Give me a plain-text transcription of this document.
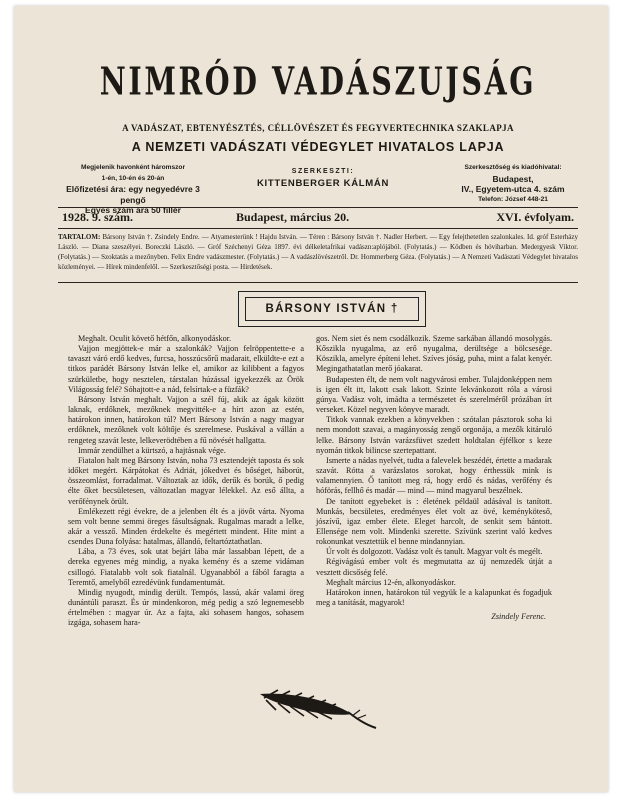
NIMRÓD VADÁSZUJSÁG
A VADÁSZAT, EBTENYÉSZTÉS, CÉLLÖVÉSZET ÉS FEGYVERTECHNIKA SZAKLAPJA
A NEMZETI VADÁSZATI VÉDEGYLET HIVATALOS LAPJA
Megjelenik havonként háromszor
1-én, 10-én és 20-án
Előfizetési ára: egy negyedévre 3 pengő
Egyes szám ára 50 fillér
SZERKESZTI:
KITTENBERGER KÁLMÁN
Szerkesztőség és kiadóhivatal:
Budapest,
IV., Egyetem-utca 4. szám
Telefon: József 448-21
1928. 9. szám.	Budapest, március 20.	XVI. évfolyam.
TARTALOM: Bársony István †. Zsindely Endre. — Atyamesterünk ! Hajdu István. — Téren : Bársony István †. Nadler Herbert. — Egy felejthetetlen szalonkales. Id. gróf Esterházy László. — Diana szeszélyei. Boreczki László. — Gróf Széchenyi Géza 1897. évi délkeletafrikai vadászn:aplójából. (Folytatás.) — Ködben és hóviharban. Medergyesk Viktor. (Folytatás.) — Szoktatás a mezőnyben. Felix Endre vadászmester. (Folytatás.) — A vadászlövészetről. Dr. Hommerberg Géza. (Folytatás.) — A Nemzeti Vadászati Védegylet hivatalos közleményei. — Hírek mindenfelől. — Szerkesztőségi posta. — Hirdetések.
BÁRSONY ISTVÁN †

Meghalt. Oculit követő hétfőn, alkonyodáskor.

Vajjon megjöttek-e már a szalonkák? Vajjon felröppentette-e a tavaszt váró erdő kedves, furcsa, hosszúcsőrű madarait, elküldte-e ezt a titkos parádét Bársony István lelke el, amikor az kilibbent a fagyos szürkületbe, hogy nesztelen, társtalan húzással igyekezzék az Örök Világosság felé? Sóhajtott-e a nád, felsírtak-e a füzfák?

Bársony István meghalt. Vajjon a szél fúj, akik az ágak között laknak, erdőknek, mezőknek megvitték-e a hírt azon az estén, határokon innen, határokon túl? Mert Bársony István a nagy magyar erdőknek, mezőknek volt költője és szerelmese. Puskával a vállán a rengeteg szavát leste, lelkeverödtében a fű növését hallgatta.

Immár zendülhet a kürtszó, a hajtásnak vége.

Fiatalon halt meg Bársony István, noha 73 esztendejét taposta és sok időket megért. Kárpátokat és Adriát, jókedvet és bőséget, háborút, összeomlást, forradalmat. Változtak az idők, derűk és borúk, ő pedig élte őket becsületesen, változatlan magyar lélekkel. Az eső állta, a verőfénynek örült.

Emlékezett régi évekre, de a jelenben élt és a jövőt várta. Nyoma sem volt benne semmi öreges fásultságnak. Rugalmas maradt a lelke, akár a vessző. Minden érdekelte és megértett mindent. Hite mint a csendes Duna folyása: hatalmas, állandó, feltartóztathatlan.

Lába, a 73 éves, sok utat bejárt lába már lassabban lépett, de a dereka egyenes még mindig, a nyaka kemény és a szeme vidáman csillogó. Fiatalabb volt sok fiatalnál. Ugyanabból a fából faragta a Teremtő, amelyből ezredévünk fundamentumát.

Mindig nyugodt, mindig derült. Tempós, lassú, akár valami öreg dunántúli paraszt. És úr mindenkoron, még pedig a szó legnemesebb értelmében : magyar úr. Az a fajta, aki sohasem hangos, sohasem izgága, sohasem hara-

gos. Nem siet és nem csodálkozik. Szeme sarkában állandó mosolygás. Kőszikla nyugalma, az erő nyugalma, derültsége a bölcsesége. Köszikla, amelyre építeni lehet. Szíves jóság, puha, mint a falat kenyér. Megingathatatlan merő jóakarat.

Budapesten élt, de nem volt nagyvárosi ember. Tulajdonképpen nem is igen élt itt, lakott csak lakott. Szinte lekvánkozott róla a városi gúnya. Vadász volt, imádta a természetet és szerelméről prózában írt verseket. Közel negyven könyve maradt.

Titkok vannak ezekben a könyvekben : szótalan pásztorok soha ki nem mondott szavai, a magányosság zengő orgonája, a mezők kitáruló lelke. Bársony István varázsfüvet szedett holdtalan éjfélkor s keze nyomán titkok bilincse szertepattant.

Ismerte a nádas nyelvét, tudta a falevelek beszédét, értette a madarak szavát. Rótta a varázslatos sorokat, hogy érthessük mink is valamennyien. Ő tanított meg rá, hogy erdő és nádas, verőfény és hóförás, fellhő és madár — mind — mind magyarul beszélnek.

De tanított egyebeket is : életének példaül adásával is tanított. Munkás, becsületes, eredményes élet volt az övé, keményköteső, jószívű, igaz ember élete. Eleget harcolt, de senkit sem bántott. Ellensége nem volt. Mindenki szerette. Szívünk szerint való kedves rokonunkat vesztettük el benne mindannyian.

Úr volt és dolgozott. Vadász volt és tanult. Magyar volt és megélt.

Régivágású ember volt és megmutatta az új nemzedék útját a vesztett dicsőség felé.

Meghalt március 12-én, alkonyodáskor.

Határokon innen, határokon túl vegyük le a kalapunkat és fogadjuk meg a tanítását, magyarok!

Zsindely Ferenc.
